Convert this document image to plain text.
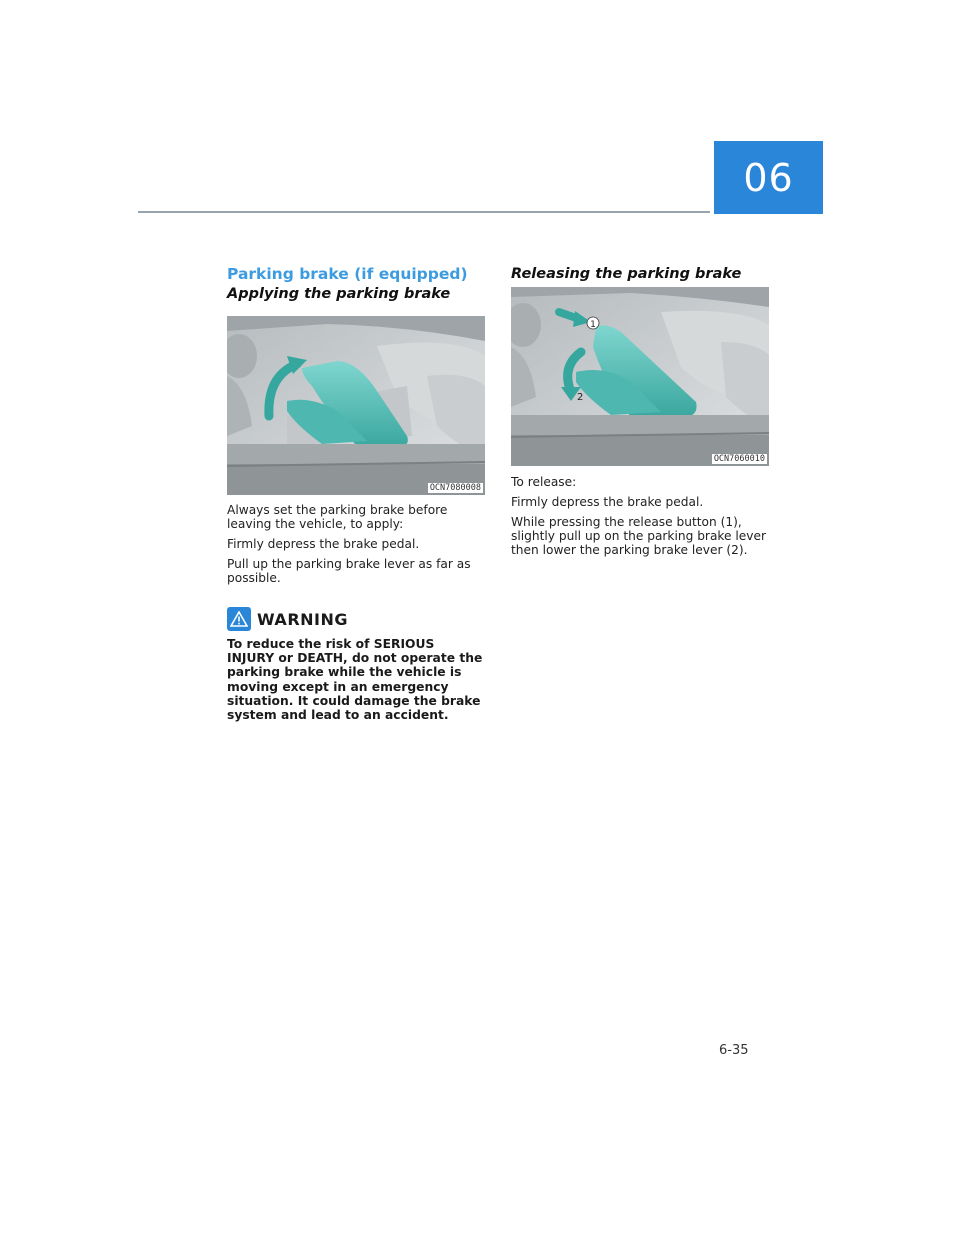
06
Parking brake (if equipped)
Applying the parking brake
OCN7080008

Always set the parking brake before leaving the vehicle, to apply:

Firmly depress the brake pedal.

Pull up the parking brake lever as far as possible.

WARNING

To reduce the risk of SERIOUS INJURY or DEATH, do not operate the parking brake while the vehicle is moving except in an emergency situation. It could damage the brake system and lead to an accident.

Releasing the parking brake
1
2
OCN7060010

To release:

Firmly depress the brake pedal.

While pressing the release button (1), slightly pull up on the parking brake lever then lower the parking brake lever (2).

6-35
